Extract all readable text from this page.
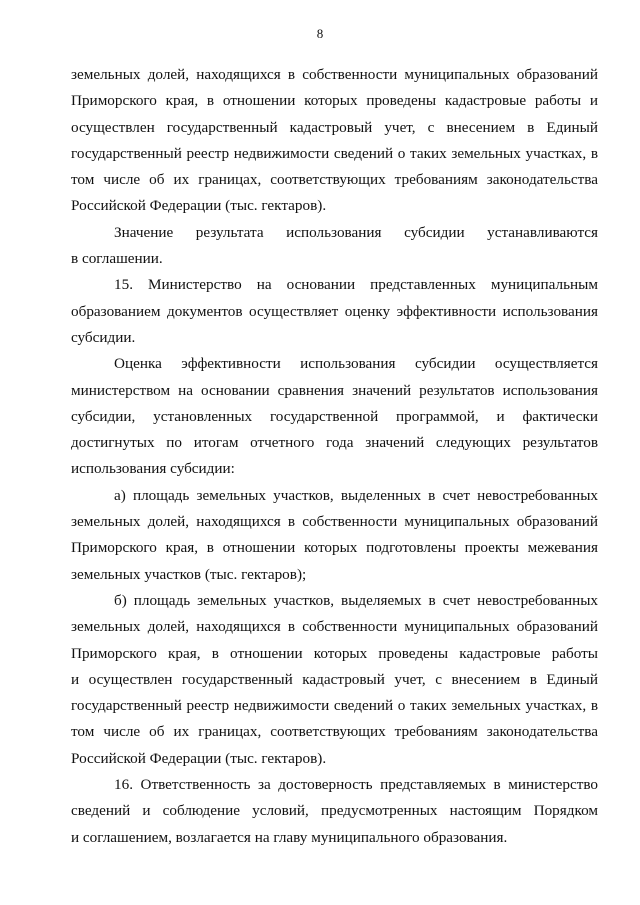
8

земельных долей, находящихся в собственности муниципальных образований

Приморского края, в отношении которых проведены кадастровые работы и

осуществлен государственный кадастровый учет, с внесением в Единый

государственный реестр недвижимости сведений о таких земельных участках, в

том числе об их границах, соответствующих требованиям законодательства

Российской Федерации (тыс. гектаров).

Значение результата использования субсидии устанавливаются

в соглашении.

15. Министерство на основании представленных муниципальным

образованием документов осуществляет оценку эффективности использования

субсидии.

Оценка эффективности использования субсидии осуществляется

министерством на основании сравнения значений результатов использования

субсидии, установленных государственной программой, и фактически

достигнутых по итогам отчетного года значений следующих результатов

использования субсидии:

а) площадь земельных участков, выделенных в счет невостребованных

земельных долей, находящихся в собственности муниципальных образований

Приморского края, в отношении которых подготовлены проекты межевания

земельных участков (тыс. гектаров);

б) площадь земельных участков, выделяемых в счет невостребованных

земельных долей, находящихся в собственности муниципальных образований

Приморского края, в отношении которых проведены кадастровые работы

и осуществлен государственный кадастровый учет, с внесением в Единый

государственный реестр недвижимости сведений о таких земельных участках, в

том числе об их границах, соответствующих требованиям законодательства

Российской Федерации (тыс. гектаров).

16. Ответственность за достоверность представляемых в министерство

сведений и соблюдение условий, предусмотренных настоящим Порядком

и соглашением, возлагается на главу муниципального образования.
